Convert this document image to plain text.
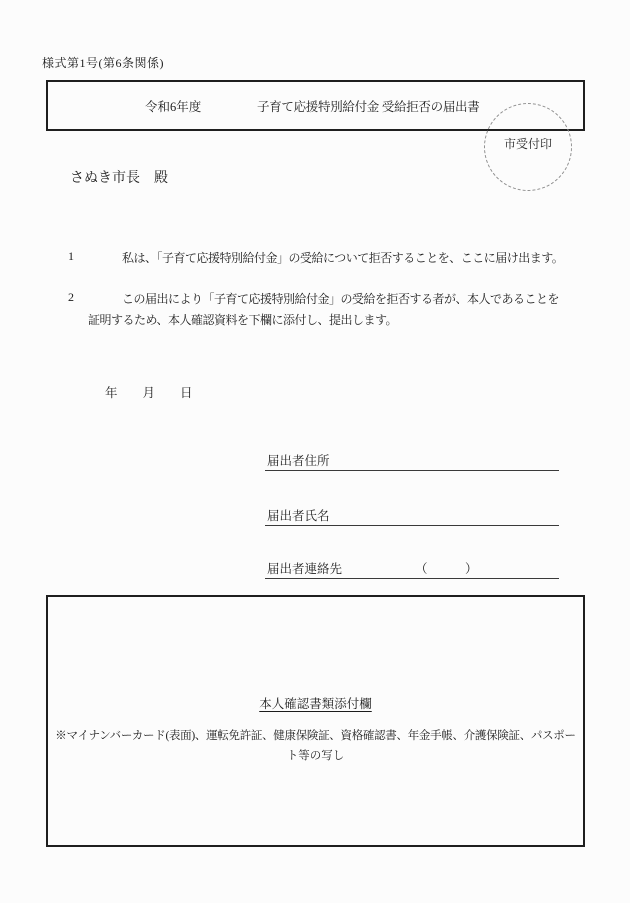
様式第1号(第6条関係)
令和6年度	子育て応援特別給付金 受給拒否の届出書
市受付印
さぬき市長　殿
1	私は、「子育て応援特別給付金」の受給について拒否することを、ここに届け出ます。
2	この届出により「子育て応援特別給付金」の受給を拒否する者が、本人であることを
証明するため、本人確認資料を下欄に添付し、提出します。
年　　月　　日
届出者住所
届出者氏名
届出者連絡先	（　　　）
本人確認書類添付欄
※マイナンバーカード(表面)、運転免許証、健康保険証、資格確認書、年金手帳、介護保険証、パスポー
ト等の写し
